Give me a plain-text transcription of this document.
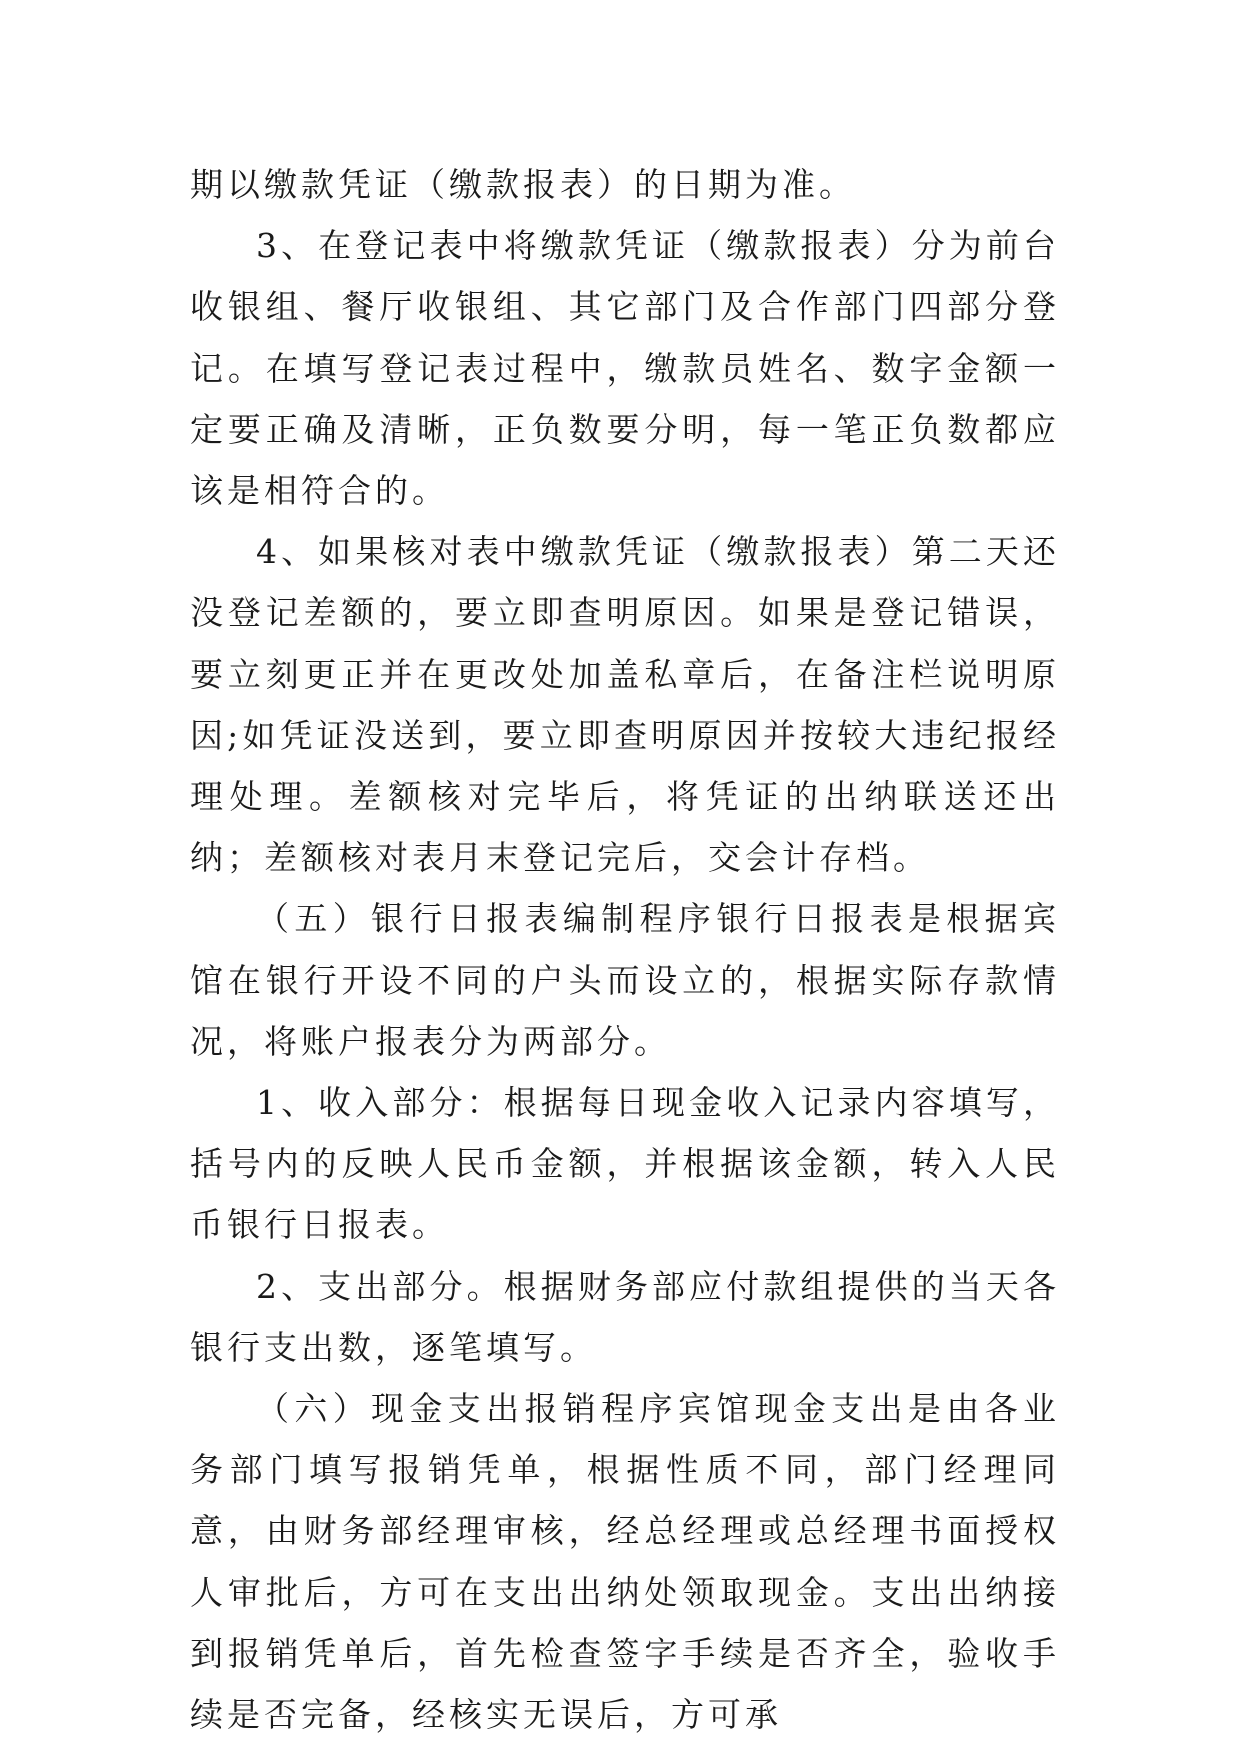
期以缴款凭证（缴款报表）的日期为准。

3、在登记表中将缴款凭证（缴款报表）分为前台收银组、餐厅收银组、其它部门及合作部门四部分登记。在填写登记表过程中，缴款员姓名、数字金额一定要正确及清晰，正负数要分明，每一笔正负数都应该是相符合的。

4、如果核对表中缴款凭证（缴款报表）第二天还没登记差额的，要立即查明原因。如果是登记错误，要立刻更正并在更改处加盖私章后，在备注栏说明原因;如凭证没送到，要立即查明原因并按较大违纪报经理处理。差额核对完毕后，将凭证的出纳联送还出纳；差额核对表月末登记完后，交会计存档。

（五）银行日报表编制程序银行日报表是根据宾馆在银行开设不同的户头而设立的，根据实际存款情况，将账户报表分为两部分。

1、收入部分：根据每日现金收入记录内容填写，括号内的反映人民币金额，并根据该金额，转入人民币银行日报表。

2、支出部分。根据财务部应付款组提供的当天各银行支出数，逐笔填写。

（六）现金支出报销程序宾馆现金支出是由各业务部门填写报销凭单，根据性质不同，部门经理同意，由财务部经理审核，经总经理或总经理书面授权人审批后，方可在支出出纳处领取现金。支出出纳接到报销凭单后，首先检查签字手续是否齐全，验收手续是否完备，经核实无误后，方可承
